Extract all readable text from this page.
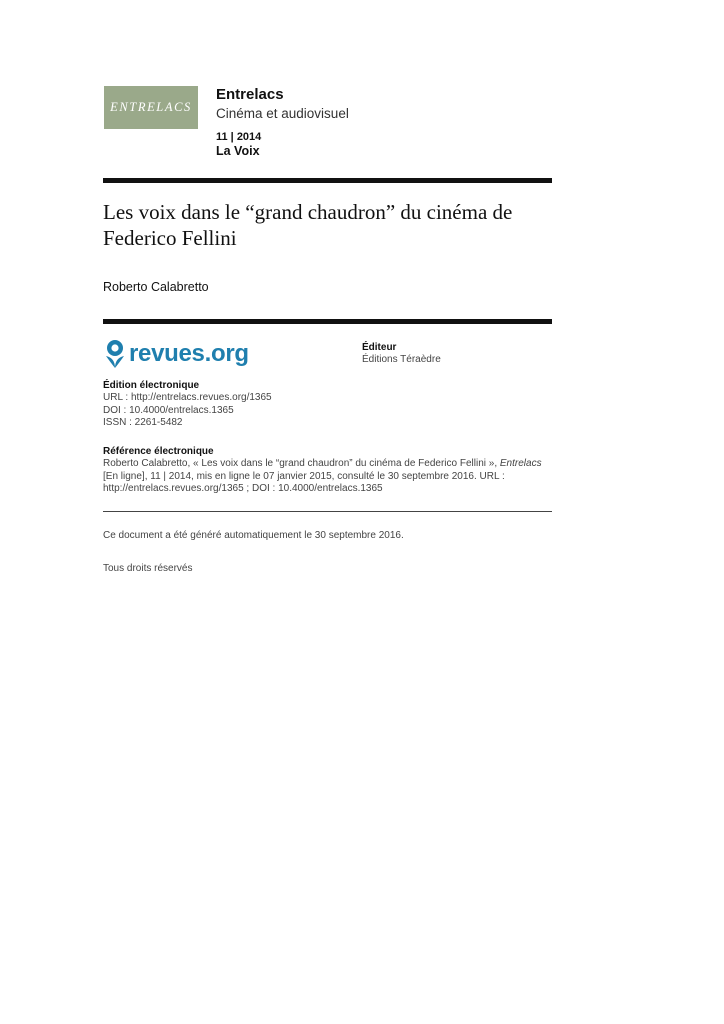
ENTRELACS
Entrelacs
Cinéma et audiovisuel
11 | 2014
La Voix
Les voix dans le “grand chaudron” du cinéma de Federico Fellini
Roberto Calabretto
revues.org	Éditeur
Éditions Téraèdre
Édition électronique
URL : http://entrelacs.revues.org/1365
DOI : 10.4000/entrelacs.1365
ISSN : 2261-5482
Référence électronique
Roberto Calabretto, « Les voix dans le “grand chaudron” du cinéma de Federico Fellini », Entrelacs [En ligne], 11 | 2014, mis en ligne le 07 janvier 2015, consulté le 30 septembre 2016. URL : http://entrelacs.revues.org/1365 ; DOI : 10.4000/entrelacs.1365
Ce document a été généré automatiquement le 30 septembre 2016.
Tous droits réservés
